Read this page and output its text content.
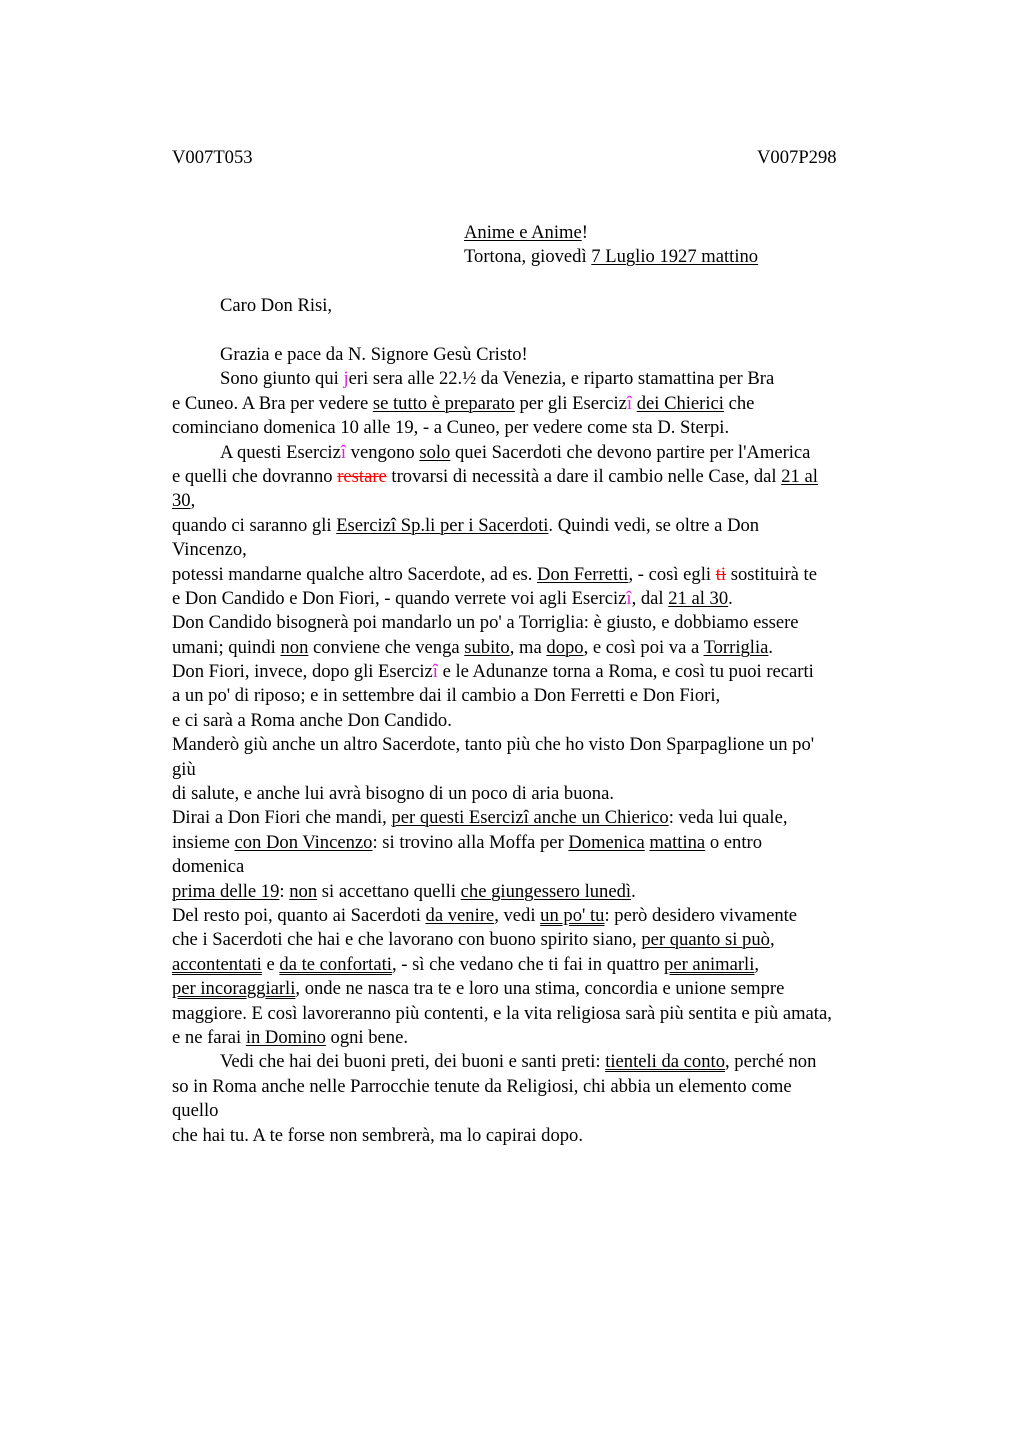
V007T053	V007P298
Anime e Anime!
Tortona, giovedì 7 Luglio 1927 mattino
Caro Don Risi,
Grazia e pace da N. Signore Gesù Cristo!
Sono giunto qui jeri sera alle 22.½ da Venezia, e riparto stamattina per Bra
e Cuneo. A Bra per vedere se tutto è preparato per gli Esercizî dei Chierici che
cominciano domenica 10 alle 19, - a Cuneo, per vedere come sta D. Sterpi.
A questi Esercizî vengono solo quei Sacerdoti che devono partire per l'America
e quelli che dovranno restare trovarsi di necessità a dare il cambio nelle Case, dal 21 al
30,
quando ci saranno gli Esercizî Sp.li per i Sacerdoti. Quindi vedi, se oltre a Don
Vincenzo,
potessi mandarne qualche altro Sacerdote, ad es. Don Ferretti, - così egli ti sostituirà te
e Don Candido e Don Fiori, - quando verrete voi agli Esercizî, dal 21 al 30.
Don Candido bisognerà poi mandarlo un po' a Torriglia: è giusto, e dobbiamo essere
umani; quindi non conviene che venga subito, ma dopo, e così poi va a Torriglia.
Don Fiori, invece, dopo gli Esercizî e le Adunanze torna a Roma, e così tu puoi recarti
a un po' di riposo; e in settembre dai il cambio a Don Ferretti e Don Fiori,
e ci sarà a Roma anche Don Candido.
Manderò giù anche un altro Sacerdote, tanto più che ho visto Don Sparpaglione un po'
giù
di salute, e anche lui avrà bisogno di un poco di aria buona.
Dirai a Don Fiori che mandi, per questi Esercizî anche un Chierico: veda lui quale,
insieme con Don Vincenzo: si trovino alla Moffa per Domenica mattina o entro
domenica
prima delle 19: non si accettano quelli che giungessero lunedì.
Del resto poi, quanto ai Sacerdoti da venire, vedi un po' tu: però desidero vivamente
che i Sacerdoti che hai e che lavorano con buono spirito siano, per quanto si può,
accontentati e da te confortati, - sì che vedano che ti fai in quattro per animarli,
per incoraggiarli, onde ne nasca tra te e loro una stima, concordia e unione sempre
maggiore. E così lavoreranno più contenti, e la vita religiosa sarà più sentita e più amata,
e ne farai in Domino ogni bene.
Vedi che hai dei buoni preti, dei buoni e santi preti: tienteli da conto, perché non
so in Roma anche nelle Parrocchie tenute da Religiosi, chi abbia un elemento come
quello
che hai tu. A te forse non sembrerà, ma lo capirai dopo.
